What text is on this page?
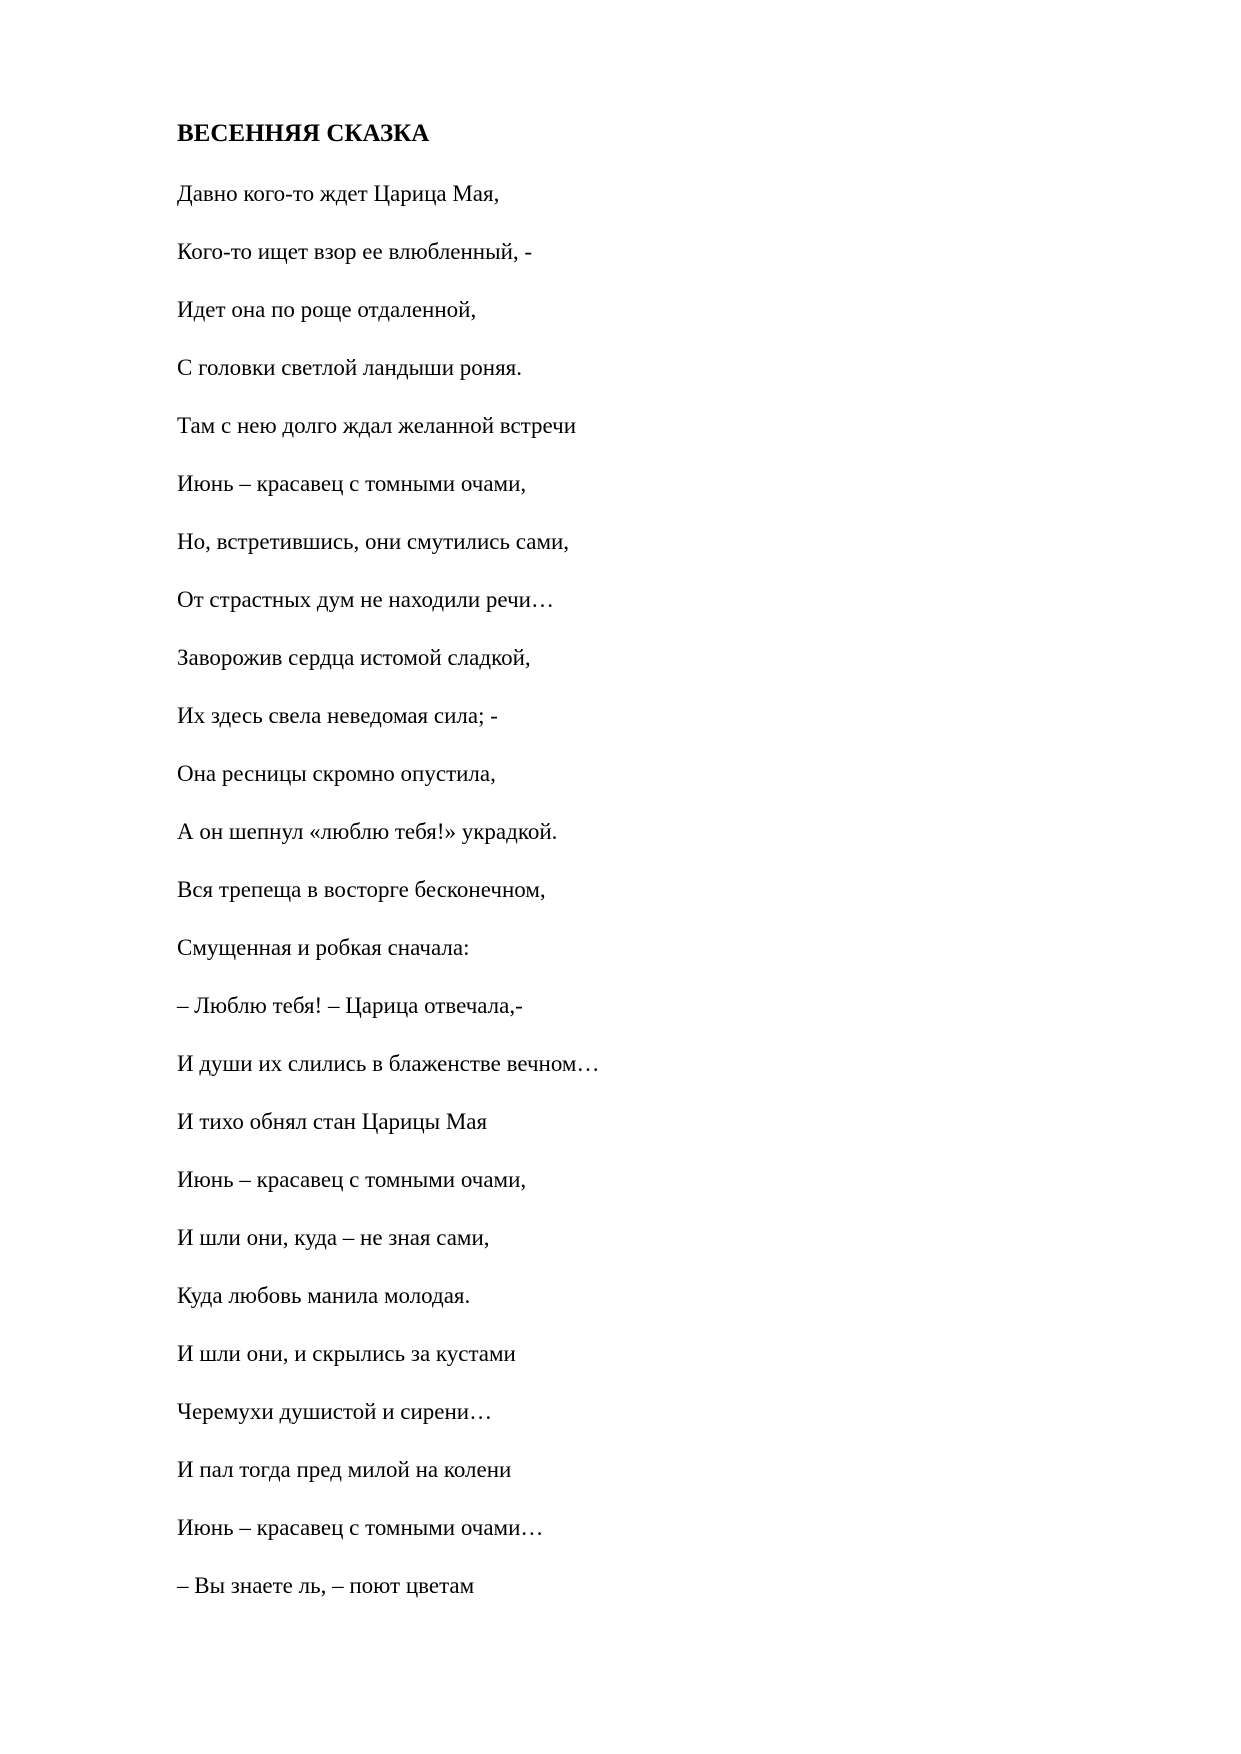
ВЕСЕННЯЯ СКАЗКА
Давно кого-то ждет Царица Мая,
Кого-то ищет взор ее влюбленный, -
Идет она по роще отдаленной,
С головки светлой ландыши роняя.
Там с нею долго ждал желанной встречи
Июнь – красавец с томными очами,
Но, встретившись, они смутились сами,
От страстных дум не находили речи…
Заворожив сердца истомой сладкой,
Их здесь свела неведомая сила; -
Она ресницы скромно опустила,
А он шепнул «люблю тебя!» украдкой.
Вся трепеща в восторге бесконечном,
Смущенная и робкая сначала:
– Люблю тебя! – Царица отвечала,-
И души их слились в блаженстве вечном…
И тихо обнял стан Царицы Мая
Июнь – красавец с томными очами,
И шли они, куда – не зная сами,
Куда любовь манила молодая.
И шли они, и скрылись за кустами
Черемухи душистой и сирени…
И пал тогда пред милой на колени
Июнь – красавец с томными очами…
– Вы знаете ль, – поют цветам
